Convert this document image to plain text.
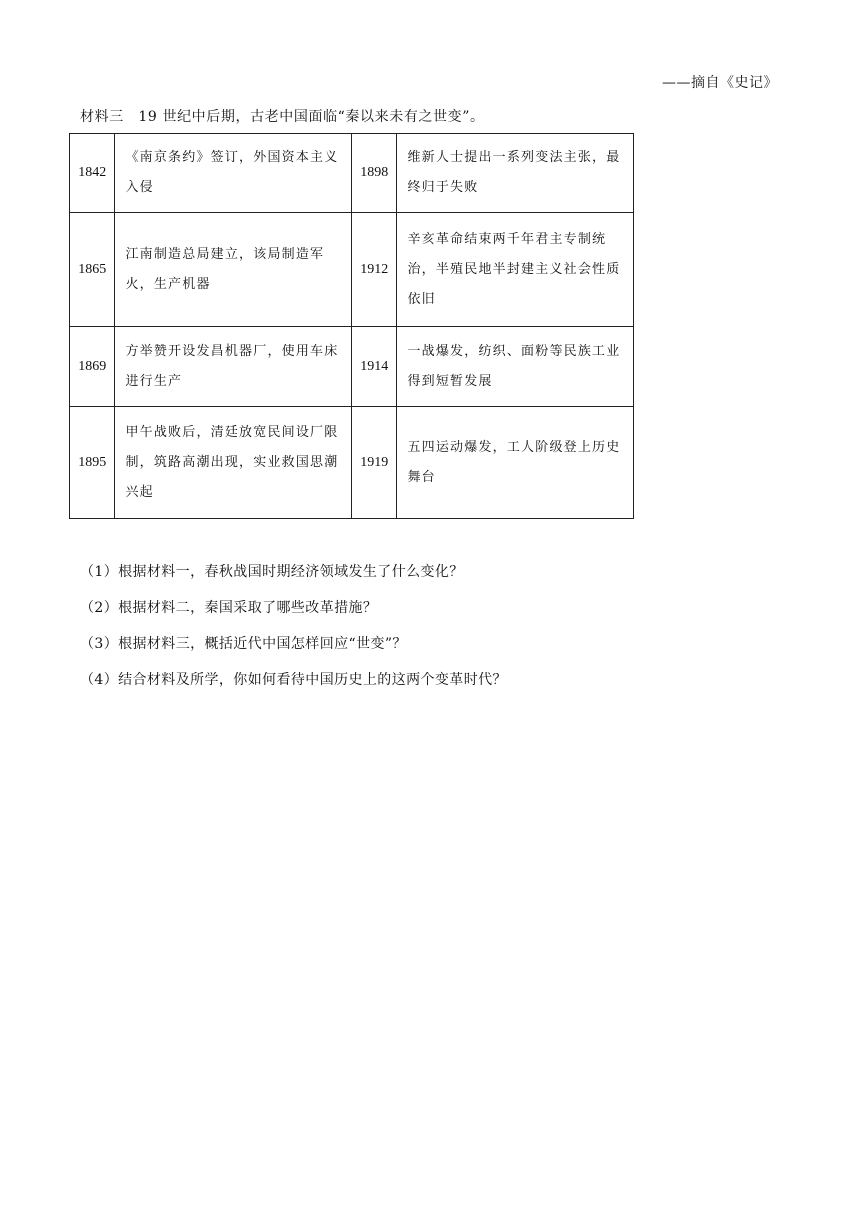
——摘自《史记》
材料三　19 世纪中后期，古老中国面临“秦以来未有之世变”。
1842	《南京条约》签订，外国资本主义入侵	1898	维新人士提出一系列变法主张，最终归于失败
1865	江南制造总局建立，该局制造军火，生产机器	1912	辛亥革命结束两千年君主专制统治，半殖民地半封建主义社会性质依旧
1869	方举赞开设发昌机器厂，使用车床进行生产	1914	一战爆发，纺织、面粉等民族工业得到短暂发展
1895	甲午战败后，清廷放宽民间设厂限制，筑路高潮出现，实业救国思潮兴起	1919	五四运动爆发，工人阶级登上历史舞台
（1）根据材料一，春秋战国时期经济领域发生了什么变化？
（2）根据材料二，秦国采取了哪些改革措施？
（3）根据材料三，概括近代中国怎样回应“世变”？
（4）结合材料及所学，你如何看待中国历史上的这两个变革时代？
